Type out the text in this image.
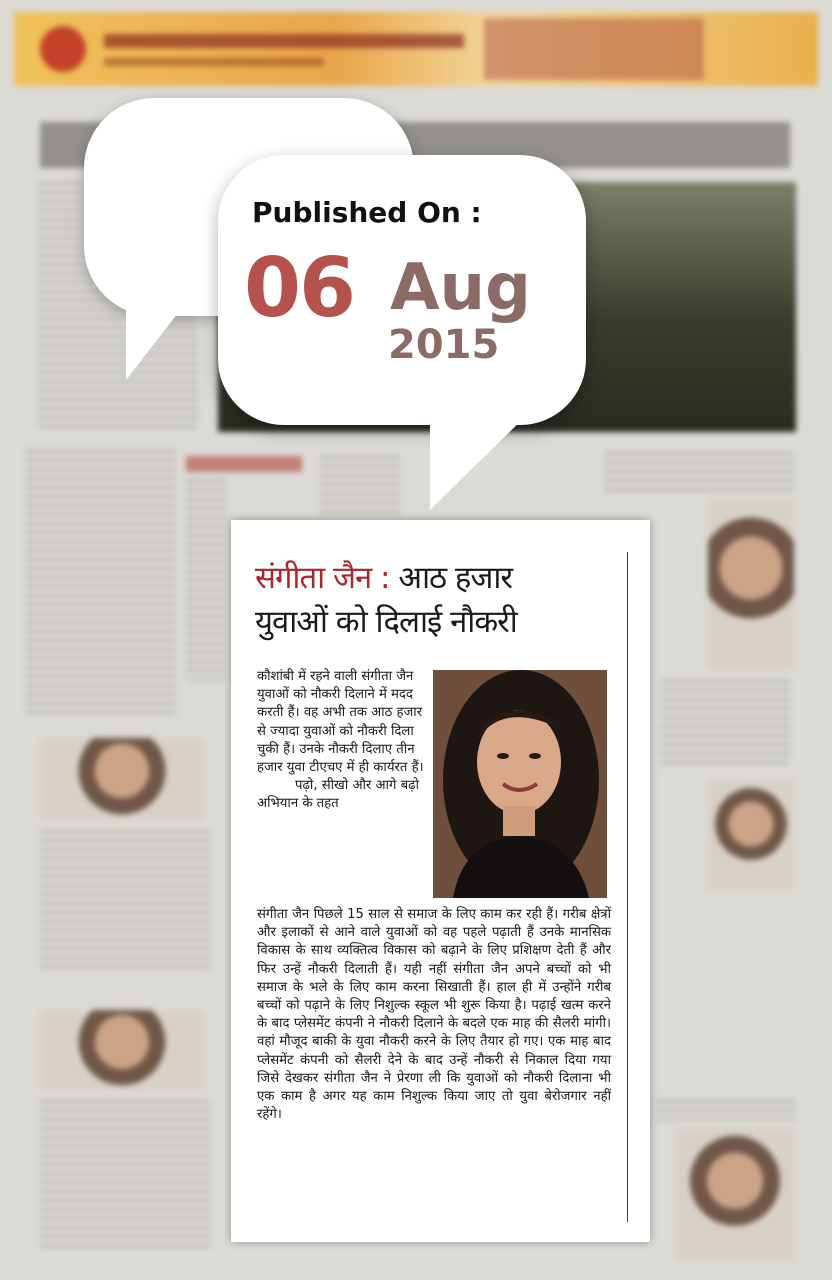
Published On :
06 Aug
2015
संगीता जैन : आठ हजार
युवाओं को दिलाई नौकरी

कौशांबी में रहने वाली संगीता जैन युवाओं को नौकरी दिलाने में मदद करती हैं। वह अभी तक आठ हजार से ज्यादा युवाओं को नौकरी दिला चुकी हैं। उनके नौकरी दिलाए तीन हजार युवा टीएचए में ही कार्यरत हैं।

पढ़ो, सीखो और आगे बढ़ो अभियान के तहत

संगीता जैन पिछले 15 साल से समाज के लिए काम कर रही हैं। गरीब क्षेत्रों और इलाकों से आने वाले युवाओं को वह पहले पढ़ाती हैं उनके मानसिक विकास के साथ व्यक्तित्व विकास को बढ़ाने के लिए प्रशिक्षण देती हैं और फिर उन्हें नौकरी दिलाती हैं। यही नहीं संगीता जैन अपने बच्चों को भी समाज के भले के लिए काम करना सिखाती हैं। हाल ही में उन्होंने गरीब बच्चों को पढ़ाने के लिए निशुल्क स्कूल भी शुरू किया है। पढ़ाई खत्म करने के बाद प्लेसमेंट कंपनी ने नौकरी दिलाने के बदले एक माह की सैलरी मांगी। वहां मौजूद बाकी के युवा नौकरी करने के लिए तैयार हो गए। एक माह बाद प्लेसमेंट कंपनी को सैलरी देने के बाद उन्हें नौकरी से निकाल दिया गया जिसे देखकर संगीता जैन ने प्रेरणा ली कि युवाओं को नौकरी दिलाना भी एक काम है अगर यह काम निशुल्क किया जाए तो युवा बेरोजगार नहीं रहेंगे।
